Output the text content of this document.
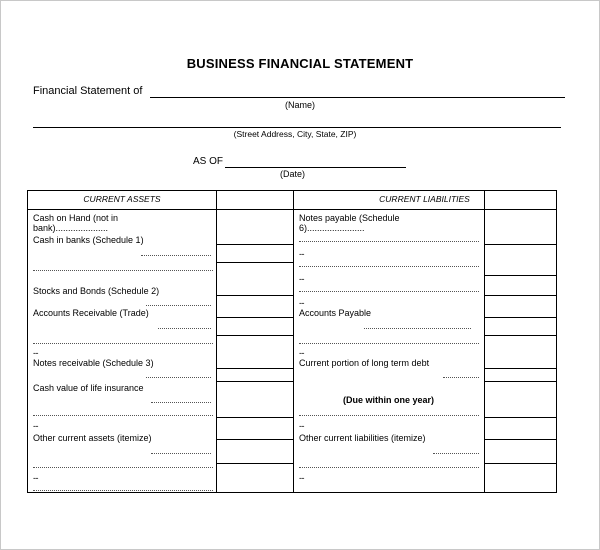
BUSINESS FINANCIAL STATEMENT
Financial Statement of
(Name)
(Street Address, City, State, ZIP)
AS OF
(Date)
CURRENT ASSETS	CURRENT LIABILITIES
Cash on Hand (not in
bank).....................
Cash in banks (Schedule 1)
Stocks and Bonds (Schedule 2)
Accounts Receivable (Trade)
--
Notes receivable (Schedule 3)
Cash value of life insurance
--
Other current assets (itemize)
--
Notes payable (Schedule
6).......................
--
--
--
Accounts Payable
--
Current portion of long term debt
(Due within one year)
--
Other current liabilities (itemize)
--
